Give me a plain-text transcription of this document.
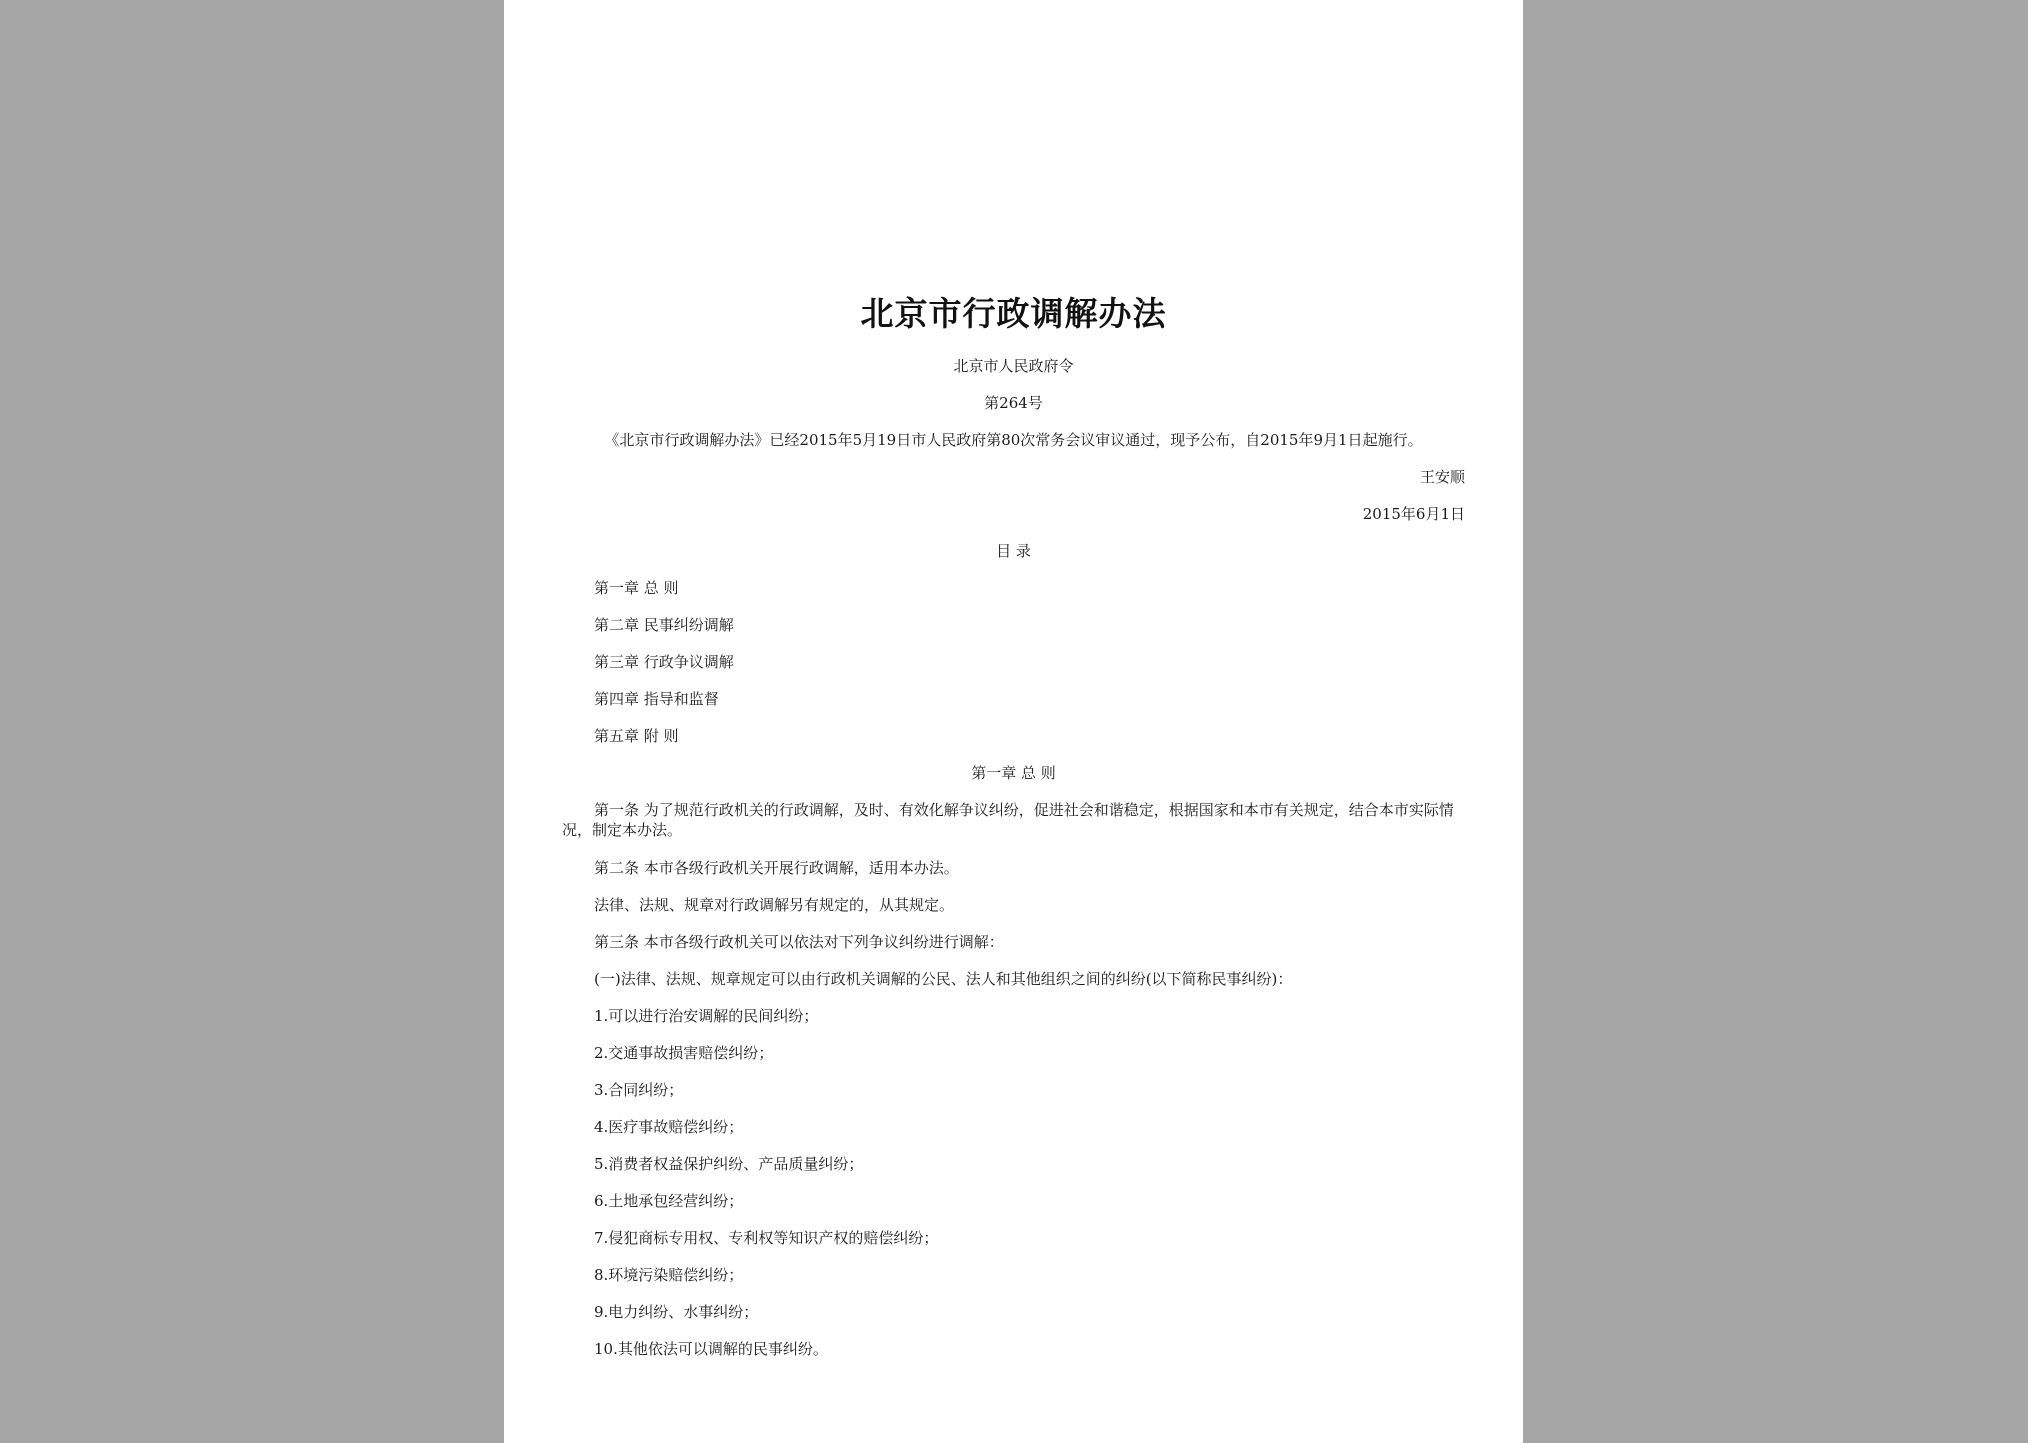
北京市行政调解办法
北京市人民政府令
第264号
《北京市行政调解办法》已经2015年5月19日市人民政府第80次常务会议审议通过，现予公布，自2015年9月1日起施行。
王安顺
2015年6月1日
目 录
第一章 总 则
第二章 民事纠纷调解
第三章 行政争议调解
第四章 指导和监督
第五章 附 则
第一章 总 则
第一条 为了规范行政机关的行政调解，及时、有效化解争议纠纷，促进社会和谐稳定，根据国家和本市有关规定，结合本市实际情况，制定本办法。
第二条 本市各级行政机关开展行政调解，适用本办法。
法律、法规、规章对行政调解另有规定的，从其规定。
第三条 本市各级行政机关可以依法对下列争议纠纷进行调解：
(一)法律、法规、规章规定可以由行政机关调解的公民、法人和其他组织之间的纠纷(以下简称民事纠纷)：
1.可以进行治安调解的民间纠纷；
2.交通事故损害赔偿纠纷；
3.合同纠纷；
4.医疗事故赔偿纠纷；
5.消费者权益保护纠纷、产品质量纠纷；
6.土地承包经营纠纷；
7.侵犯商标专用权、专利权等知识产权的赔偿纠纷；
8.环境污染赔偿纠纷；
9.电力纠纷、水事纠纷；
10.其他依法可以调解的民事纠纷。
